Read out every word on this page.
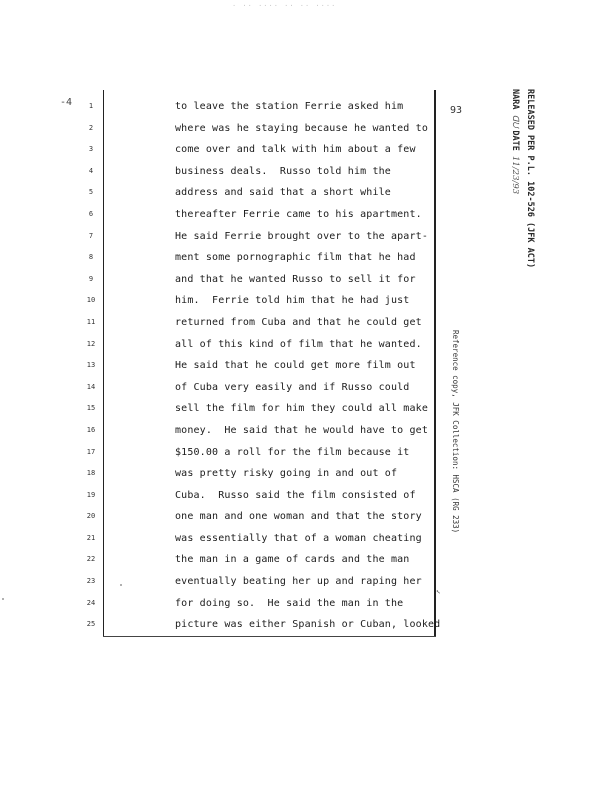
· ·· ···· ·· ·· ····
-4
93
1
2
3
4
5
6
7
8
9
10
11
12
13
14
15
16
17
18
19
20
21
22
23
24
25
to leave the station Ferrie asked him
where was he staying because he wanted to
come over and talk with him about a few
business deals.  Russo told him the
address and said that a short while
thereafter Ferrie came to his apartment.
He said Ferrie brought over to the apart-
ment some pornographic film that he had
and that he wanted Russo to sell it for
him.  Ferrie told him that he had just
returned from Cuba and that he could get
all of this kind of film that he wanted.
He said that he could get more film out
of Cuba very easily and if Russo could
sell the film for him they could all make
money.  He said that he would have to get
$150.00 a roll for the film because it
was pretty risky going in and out of
Cuba.  Russo said the film consisted of
one man and one woman and that the story
was essentially that of a woman cheating
the man in a game of cards and the man
eventually beating her up and raping her
for doing so.  He said the man in the
picture was either Spanish or Cuban, looked
RELEASED PER P.L. 102-526 (JFK ACT)
NARA ᗡᙀ DATE 11/23/93
Reference copy, JFK Collection: HSCA (RG 233)
✓
